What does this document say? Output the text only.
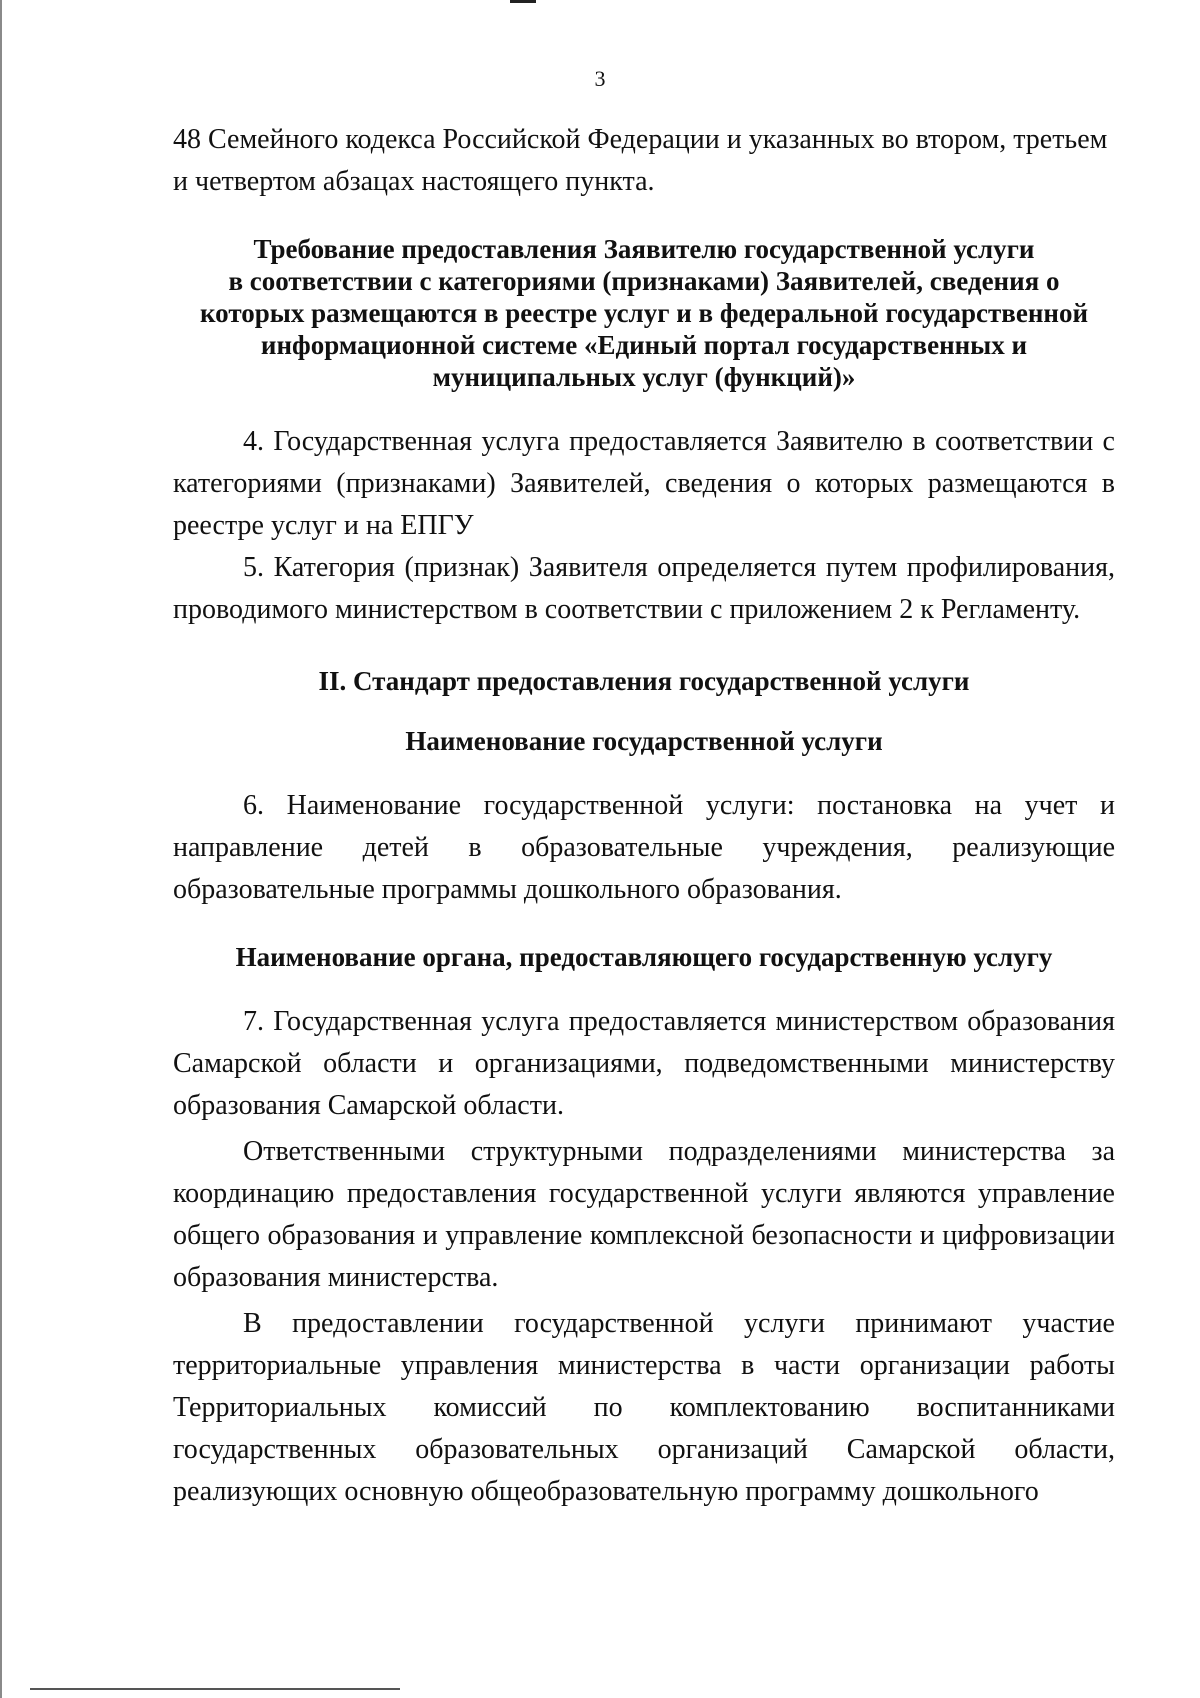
3
48 Семейного кодекса Российской Федерации и указанных во втором, третьем

и четвертом абзацах настоящего пункта.

Требование предоставления Заявителю государственной услуги

в соответствии с категориями (признаками) Заявителей, сведения о

которых размещаются в реестре услуг и в федеральной государственной

информационной системе «Единый портал государственных и

муниципальных услуг (функций)»

4. Государственная услуга предоставляется Заявителю в соответствии с категориями (признаками) Заявителей, сведения о которых размещаются в реестре услуг и на ЕПГУ

5. Категория (признак) Заявителя определяется путем профилирования, проводимого министерством в соответствии с приложением 2 к Регламенту.

II. Стандарт предоставления государственной услуги

Наименование государственной услуги

6. Наименование государственной услуги: постановка на учет и направление детей в образовательные учреждения, реализующие образовательные программы дошкольного образования.

Наименование органа, предоставляющего государственную услугу

7. Государственная услуга предоставляется министерством образования Самарской области и организациями, подведомственными министерству образования Самарской области.

Ответственными структурными подразделениями министерства за координацию предоставления государственной услуги являются управление общего образования и управление комплексной безопасности и цифровизации образования министерства.

В предоставлении государственной услуги принимают участие территориальные управления министерства в части организации работы Территориальных комиссий по комплектованию воспитанниками государственных образовательных организаций Самарской области, реализующих основную общеобразовательную программу дошкольного
